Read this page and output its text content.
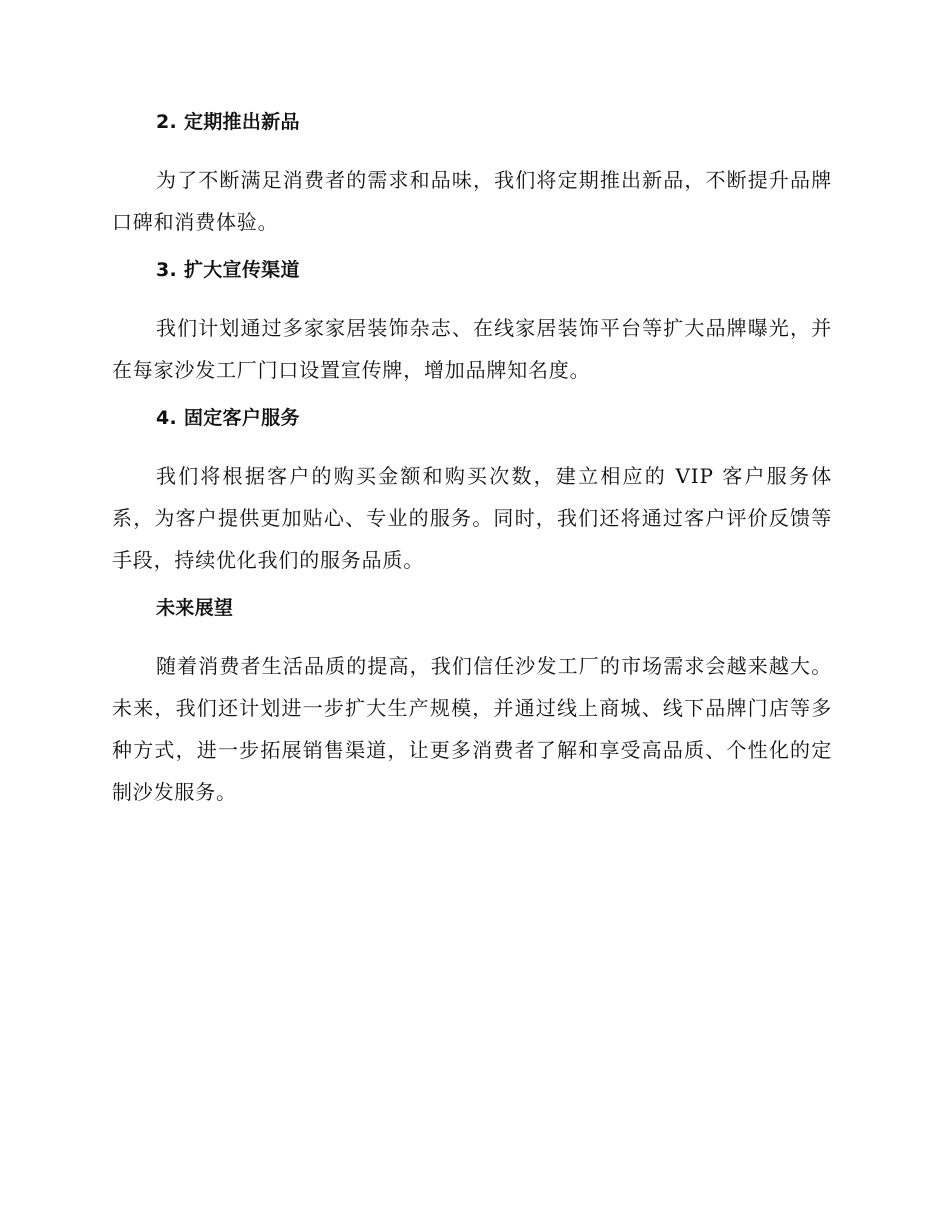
2. 定期推出新品

为了不断满足消费者的需求和品味，我们将定期推出新品，不断提升品牌口碑和消费体验。

3. 扩大宣传渠道

我们计划通过多家家居装饰杂志、在线家居装饰平台等扩大品牌曝光，并在每家沙发工厂门口设置宣传牌，增加品牌知名度。

4. 固定客户服务

我们将根据客户的购买金额和购买次数，建立相应的 VIP 客户服务体系，为客户提供更加贴心、专业的服务。同时，我们还将通过客户评价反馈等手段，持续优化我们的服务品质。

未来展望

随着消费者生活品质的提高，我们信任沙发工厂的市场需求会越来越大。未来，我们还计划进一步扩大生产规模，并通过线上商城、线下品牌门店等多种方式，进一步拓展销售渠道，让更多消费者了解和享受高品质、个性化的定制沙发服务。
